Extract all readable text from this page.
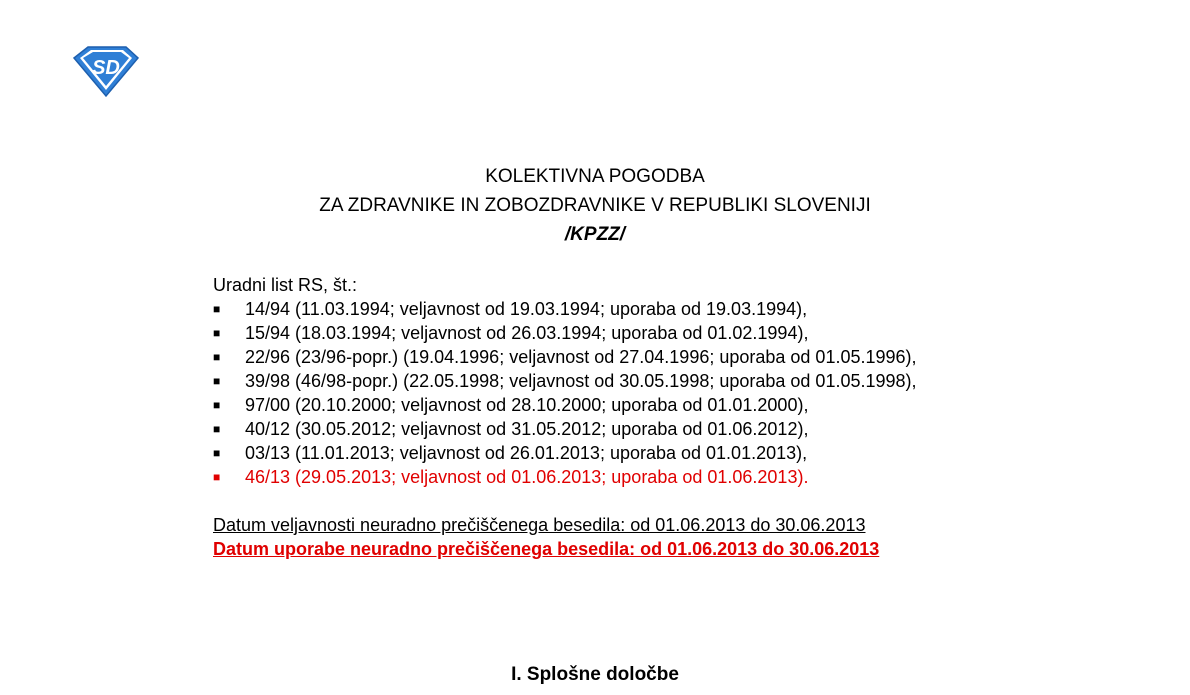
SD
KOLEKTIVNA POGODBA
ZA ZDRAVNIKE IN ZOBOZDRAVNIKE V REPUBLIKI SLOVENIJI
/KPZZ/
Uradni list RS, št.:
■ 14/94 (11.03.1994; veljavnost od 19.03.1994; uporaba od 19.03.1994),
■ 15/94 (18.03.1994; veljavnost od 26.03.1994; uporaba od 01.02.1994),
■ 22/96 (23/96-popr.) (19.04.1996; veljavnost od 27.04.1996; uporaba od 01.05.1996),
■ 39/98 (46/98-popr.) (22.05.1998; veljavnost od 30.05.1998; uporaba od 01.05.1998),
■ 97/00 (20.10.2000; veljavnost od 28.10.2000; uporaba od 01.01.2000),
■ 40/12 (30.05.2012; veljavnost od 31.05.2012; uporaba od 01.06.2012),
■ 03/13 (11.01.2013; veljavnost od 26.01.2013; uporaba od 01.01.2013),
■ 46/13 (29.05.2013; veljavnost od 01.06.2013; uporaba od 01.06.2013).
Datum veljavnosti neuradno prečiščenega besedila: od 01.06.2013 do 30.06.2013
Datum uporabe neuradno prečiščenega besedila: od 01.06.2013 do 30.06.2013
I. Splošne določbe
